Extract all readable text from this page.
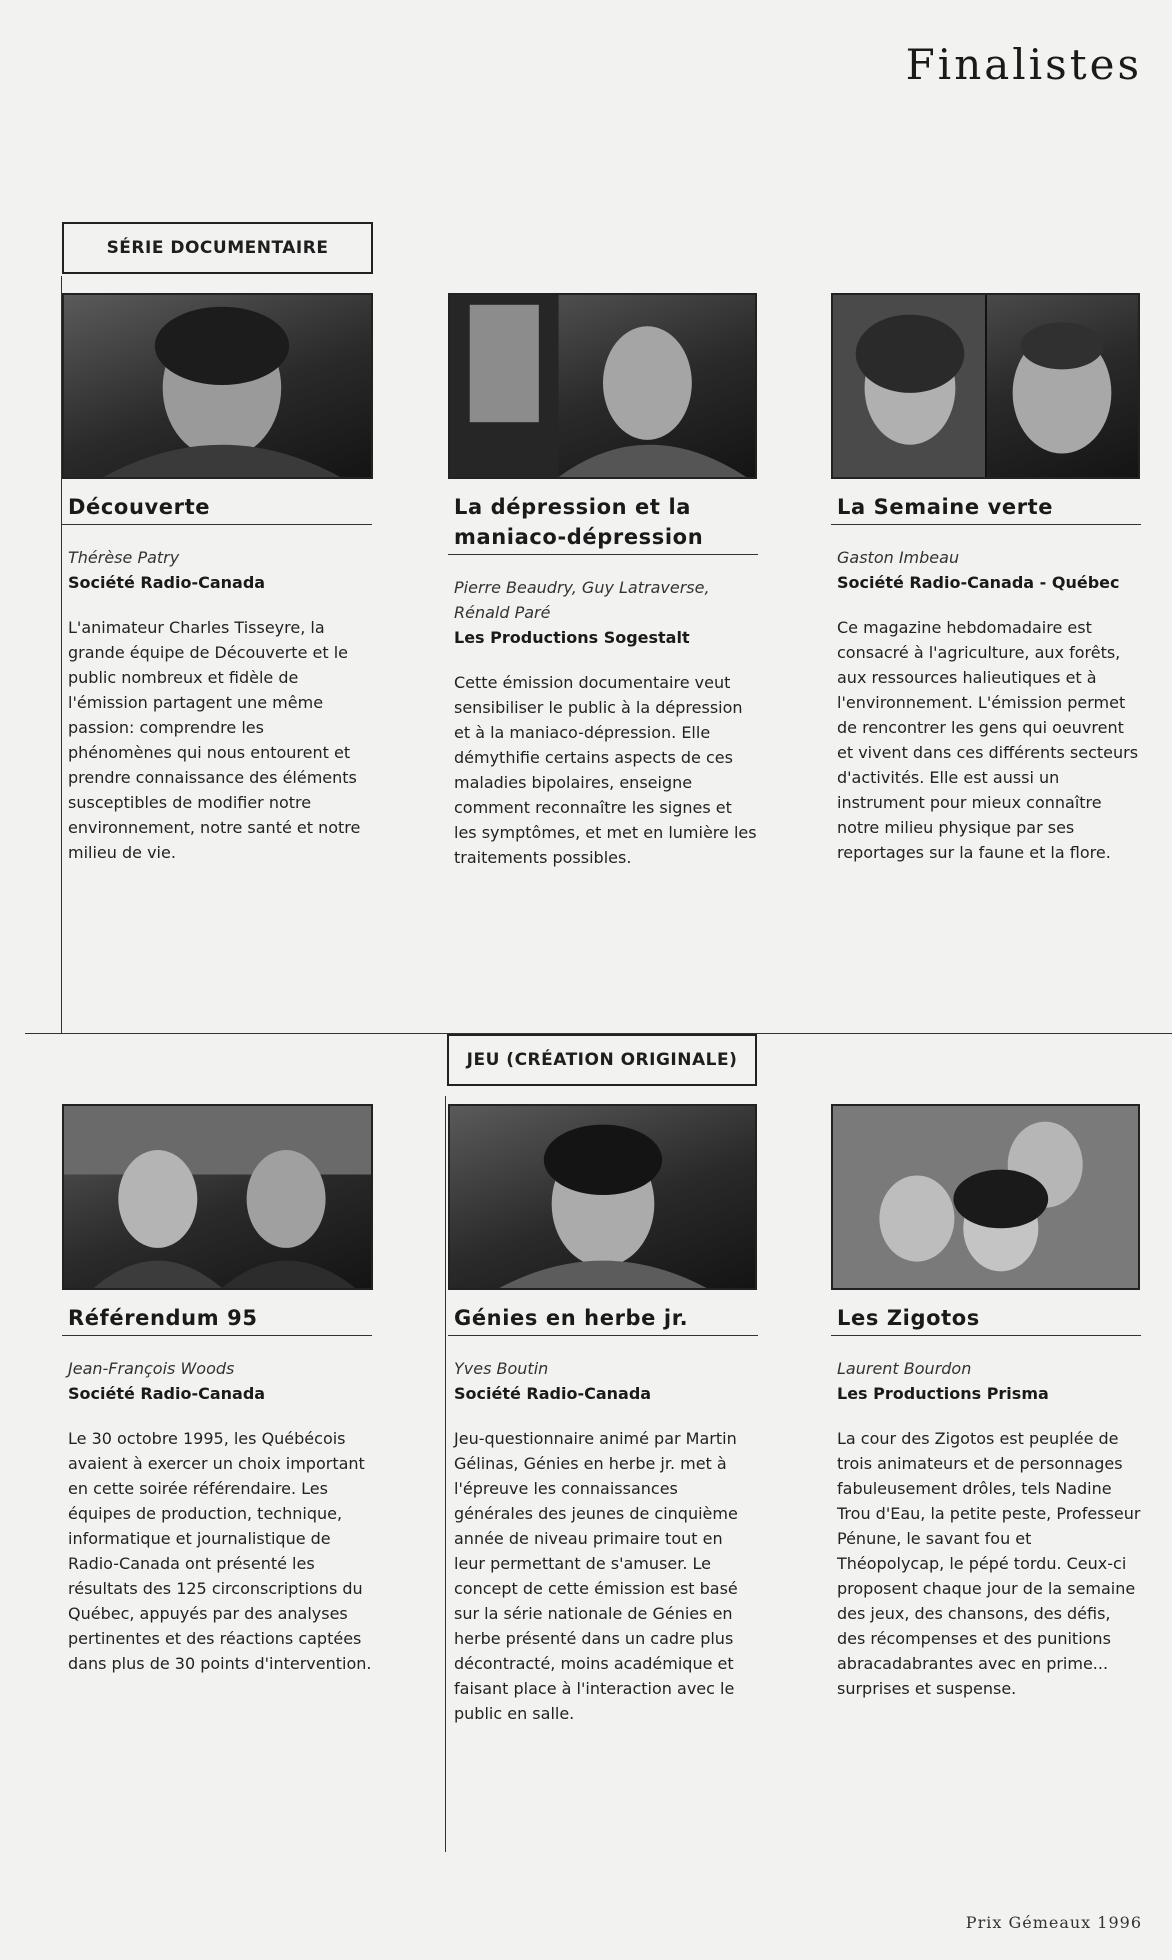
Finalistes
SÉRIE DOCUMENTAIRE
JEU (CRÉATION ORIGINALE)
Découverte
Thérèse Patry
Société Radio-Canada
L'animateur Charles Tisseyre, la grande équipe de Découverte et le public nombreux et fidèle de l'émission partagent une même passion: comprendre les phénomènes qui nous entourent et prendre connaissance des éléments susceptibles de modifier notre environnement, notre santé et notre milieu de vie.
La dépression et la maniaco-dépression
Pierre Beaudry, Guy Latraverse, Rénald Paré
Les Productions Sogestalt
Cette émission documentaire veut sensibiliser le public à la dépression et à la maniaco-dépression. Elle démythifie certains aspects de ces maladies bipolaires, enseigne comment reconnaître les signes et les symptômes, et met en lumière les traitements possibles.
La Semaine verte
Gaston Imbeau
Société Radio-Canada - Québec
Ce magazine hebdomadaire est consacré à l'agriculture, aux forêts, aux ressources halieutiques et à l'environnement. L'émission permet de rencontrer les gens qui oeuvrent et vivent dans ces différents secteurs d'activités. Elle est aussi un instrument pour mieux connaître notre milieu physique par ses reportages sur la faune et la flore.
Référendum 95
Jean-François Woods
Société Radio-Canada
Le 30 octobre 1995, les Québécois avaient à exercer un choix important en cette soirée référendaire. Les équipes de production, technique, informatique et journalistique de Radio-Canada ont présenté les résultats des 125 circonscriptions du Québec, appuyés par des analyses pertinentes et des réactions captées dans plus de 30 points d'intervention.
Génies en herbe jr.
Yves Boutin
Société Radio-Canada
Jeu-questionnaire animé par Martin Gélinas, Génies en herbe jr. met à l'épreuve les connaissances générales des jeunes de cinquième année de niveau primaire tout en leur permettant de s'amuser. Le concept de cette émission est basé sur la série nationale de Génies en herbe présenté dans un cadre plus décontracté, moins académique et faisant place à l'interaction avec le public en salle.
Les Zigotos
Laurent Bourdon
Les Productions Prisma
La cour des Zigotos est peuplée de trois animateurs et de personnages fabuleusement drôles, tels Nadine Trou d'Eau, la petite peste, Professeur Pénune, le savant fou et Théopolycap, le pépé tordu. Ceux-ci proposent chaque jour de la semaine des jeux, des chansons, des défis, des récompenses et des punitions abracadabrantes avec en prime... surprises et suspense.
Prix Gémeaux 1996
